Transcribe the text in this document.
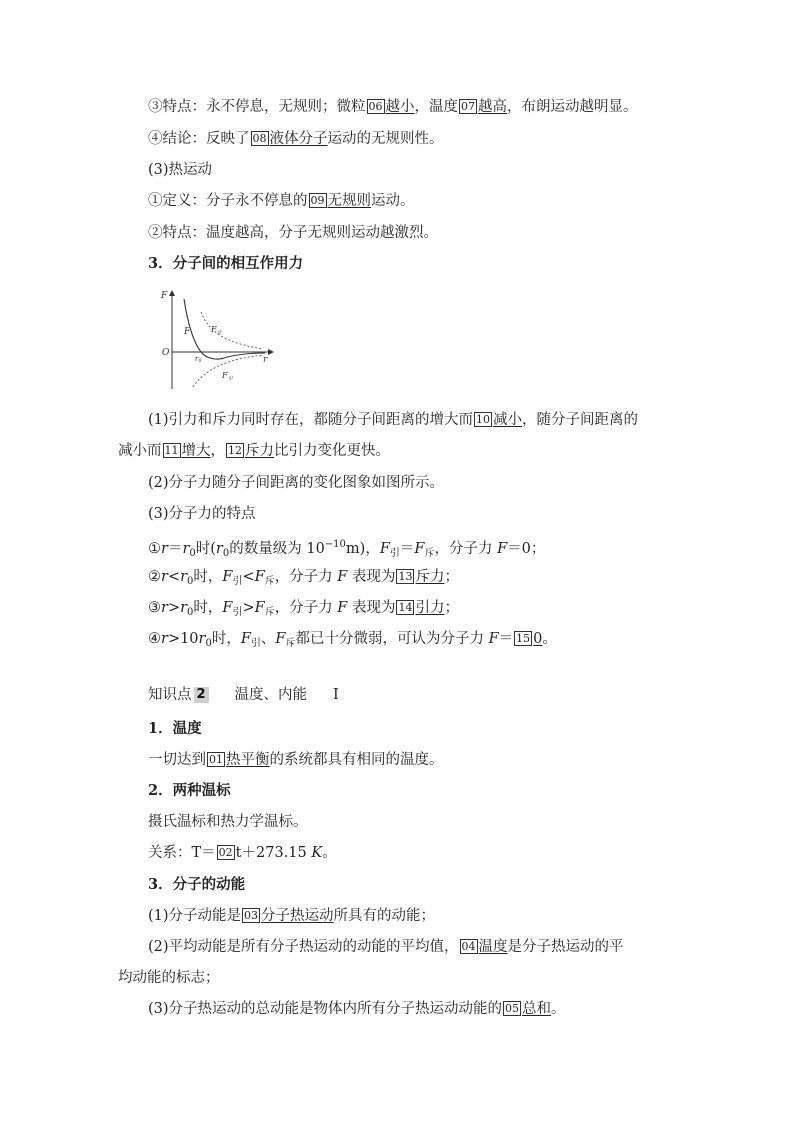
③特点：永不停息，无规则；微粒 06 越小，温度 07 越高，布朗运动越明显。
④结论：反映了 08 液体分子运动的无规则性。
(3)热运动
①定义：分子永不停息的 09 无规则运动。
②特点：温度越高，分子无规则运动越激烈。
3．分子间的相互作用力
F
r
O
r0
F	$F_斥$
$F_引$
(1)引力和斥力同时存在，都随分子间距离的增大而 10 减小，随分子间距离的
减小而 11 增大， 12 斥力比引力变化更快。
(2)分子力随分子间距离的变化图象如图所示。
(3)分子力的特点
$①r=r_0$时($r_0$的数量级为 $10^{-10}m$)，$F_引=F_斥$，分子力 F＝0；
$②r<r_0$时，$F_引<F_斥$，分子力 F 表现为 13 斥力；
$③r>r_0$时，$F_引>F_斥$，分子力 F 表现为 14 引力；
$④r>10r_0$时，$F_引$、$F_斥$都已十分微弱，可认为分子力 F＝ 15 0。
知识点 2 温度、内能 Ⅰ
1．温度
一切达到 01 热平衡的系统都具有相同的温度。
2．两种温标
摄氏温标和热力学温标。
关系：T＝ 02 t＋273.15 K。
3．分子的动能
(1)分子动能是 03 分子热运动所具有的动能；
(2)平均动能是所有分子热运动的动能的平均值， 04 温度是分子热运动的平
均动能的标志；
(3)分子热运动的总动能是物体内所有分子热运动动能的 05 总和。
